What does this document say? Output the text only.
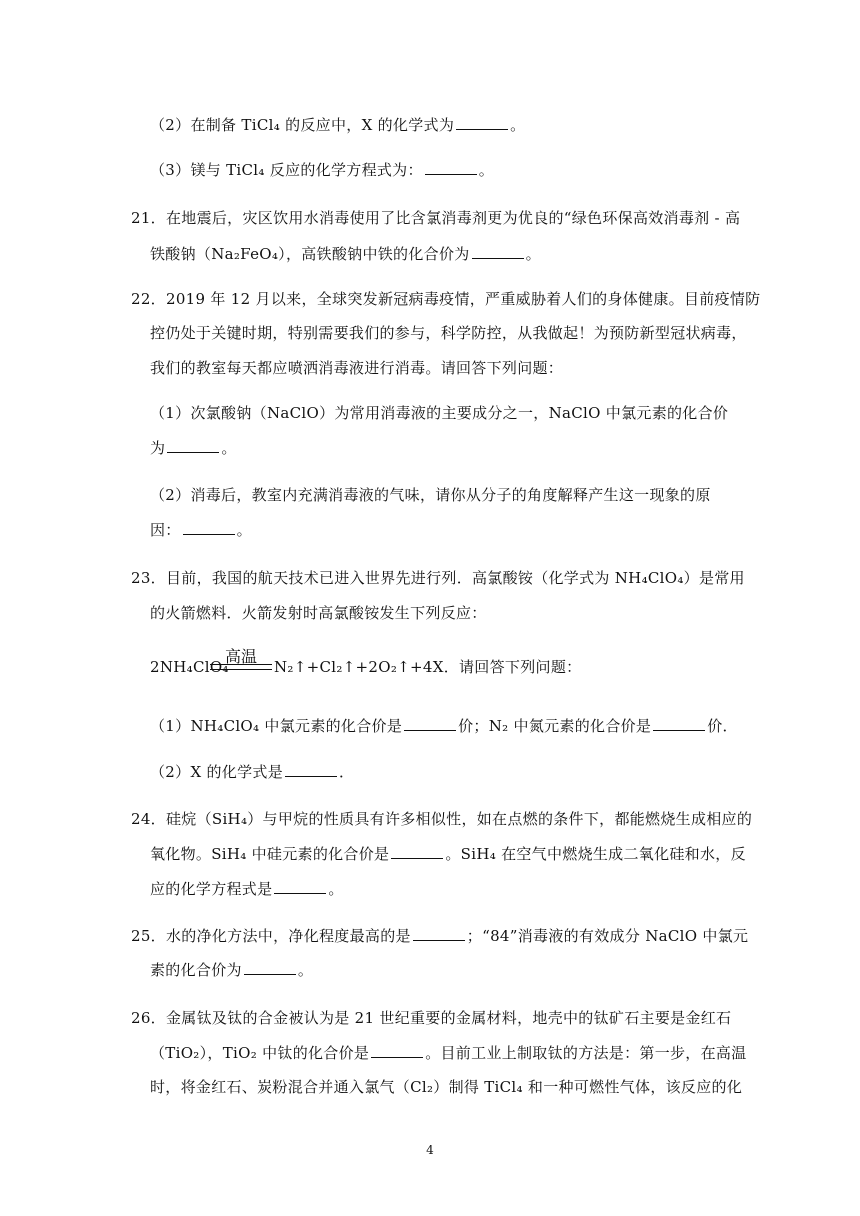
（2）在制备 TiCl₄ 的反应中，X 的化学式为	。
（3）镁与 TiCl₄ 反应的化学方程式为：	。
21．在地震后，灾区饮用水消毒使用了比含氯消毒剂更为优良的“绿色环保高效消毒剂 - 高
铁酸钠（Na₂FeO₄），高铁酸钠中铁的化合价为	。
22．2019 年 12 月以来，全球突发新冠病毒疫情，严重威胁着人们的身体健康。目前疫情防
控仍处于关键时期，特别需要我们的参与，科学防控，从我做起！为预防新型冠状病毒，
我们的教室每天都应喷洒消毒液进行消毒。请回答下列问题：
（1）次氯酸钠（NaClO）为常用消毒液的主要成分之一，NaClO 中氯元素的化合价
为	。
（2）消毒后，教室内充满消毒液的气味，请你从分子的角度解释产生这一现象的原
因：	。
23．目前，我国的航天技术已进入世界先进行列．高氯酸铵（化学式为 NH₄ClO₄）是常用
的火箭燃料．火箭发射时高氯酸铵发生下列反应：
2NH₄ClO₄
高温
N₂↑+Cl₂↑+2O₂↑+4X．请回答下列问题：
（1）NH₄ClO₄ 中氯元素的化合价是	价；N₂ 中氮元素的化合价是	价．
（2）X 的化学式是	．
24．硅烷（SiH₄）与甲烷的性质具有许多相似性，如在点燃的条件下，都能燃烧生成相应的
氧化物。SiH₄ 中硅元素的化合价是	。SiH₄ 在空气中燃烧生成二氧化硅和水，反
应的化学方程式是	。
25．水的净化方法中，净化程度最高的是	；“84”消毒液的有效成分 NaClO 中氯元
素的化合价为	。
26．金属钛及钛的合金被认为是 21 世纪重要的金属材料，地壳中的钛矿石主要是金红石
（TiO₂），TiO₂ 中钛的化合价是	。目前工业上制取钛的方法是：第一步，在高温
时，将金红石、炭粉混合并通入氯气（Cl₂）制得 TiCl₄ 和一种可燃性气体，该反应的化
4
